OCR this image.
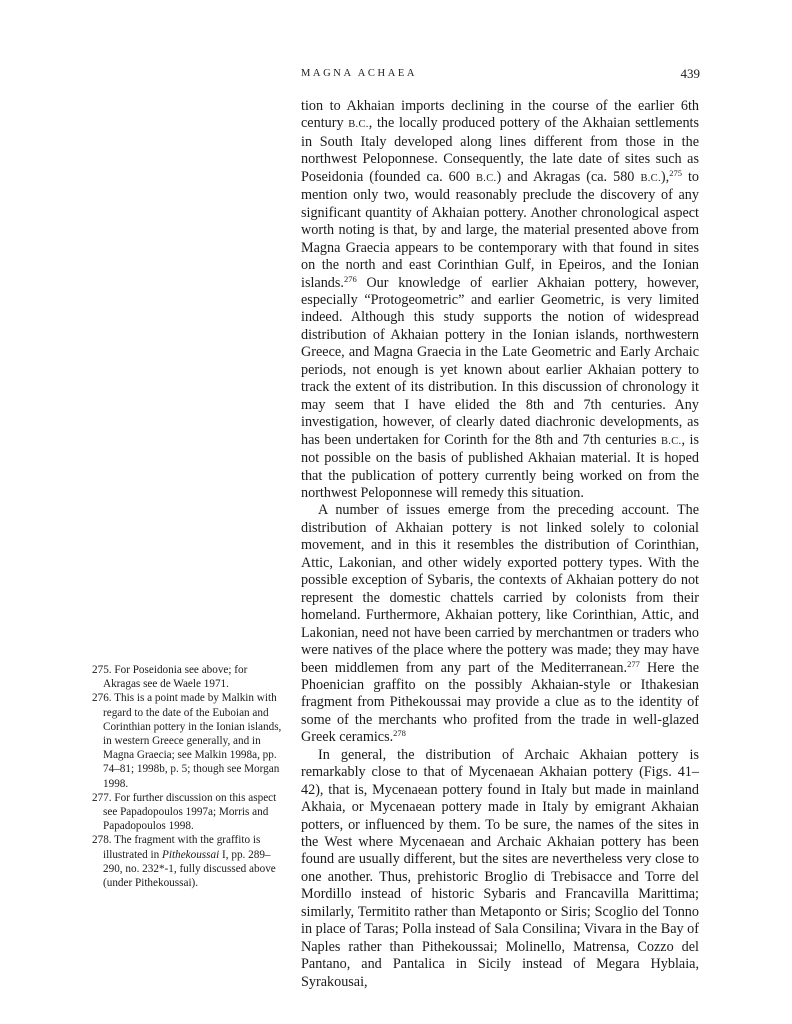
MAGNA ACHAEA	439

tion to Akhaian imports declining in the course of the earlier 6th century B.C., the locally produced pottery of the Akhaian settlements in South Italy developed along lines different from those in the northwest Peloponnese. Consequently, the late date of sites such as Poseidonia (founded ca. 600 B.C.) and Akragas (ca. 580 B.C.),$^{275}$ to mention only two, would reasonably preclude the discovery of any significant quantity of Akhaian pottery. Another chronological aspect worth noting is that, by and large, the material presented above from Magna Graecia appears to be contemporary with that found in sites on the north and east Corinthian Gulf, in Epeiros, and the Ionian islands.$^{276}$ Our knowledge of earlier Akhaian pottery, however, especially “Protogeometric” and earlier Geometric, is very limited indeed. Although this study supports the notion of widespread distribution of Akhaian pottery in the Ionian islands, northwestern Greece, and Magna Graecia in the Late Geometric and Early Archaic periods, not enough is yet known about earlier Akhaian pottery to track the extent of its distribution. In this discussion of chronology it may seem that I have elided the 8th and 7th centuries. Any investigation, however, of clearly dated diachronic developments, as has been undertaken for Corinth for the 8th and 7th centuries B.C., is not possible on the basis of published Akhaian material. It is hoped that the publication of pottery currently being worked on from the northwest Peloponnese will remedy this situation.

A number of issues emerge from the preceding account. The distribution of Akhaian pottery is not linked solely to colonial movement, and in this it resembles the distribution of Corinthian, Attic, Lakonian, and other widely exported pottery types. With the possible exception of Sybaris, the contexts of Akhaian pottery do not represent the domestic chattels carried by colonists from their homeland. Furthermore, Akhaian pottery, like Corinthian, Attic, and Lakonian, need not have been carried by merchantmen or traders who were natives of the place where the pottery was made; they may have been middlemen from any part of the Mediterranean.$^{277}$ Here the Phoenician graffito on the possibly Akhaian-style or Ithakesian fragment from Pithekoussai may provide a clue as to the identity of some of the merchants who profited from the trade in well-glazed Greek ceramics.$^{278}$

In general, the distribution of Archaic Akhaian pottery is remarkably close to that of Mycenaean Akhaian pottery (Figs. 41–42), that is, Mycenaean pottery found in Italy but made in mainland Akhaia, or Mycenaean pottery made in Italy by emigrant Akhaian potters, or influenced by them. To be sure, the names of the sites in the West where Mycenaean and Archaic Akhaian pottery has been found are usually different, but the sites are nevertheless very close to one another. Thus, prehistoric Broglio di Trebisacce and Torre del Mordillo instead of historic Sybaris and Francavilla Marittima; similarly, Termitito rather than Metaponto or Siris; Scoglio del Tonno in place of Taras; Polla instead of Sala Consilina; Vivara in the Bay of Naples rather than Pithekoussai; Molinello, Matrensa, Cozzo del Pantano, and Pantalica in Sicily instead of Megara Hyblaia, Syrakousai,

275. For Poseidonia see above; for Akragas see de Waele 1971.

276. This is a point made by Malkin with regard to the date of the Euboian and Corinthian pottery in the Ionian islands, in western Greece generally, and in Magna Graecia; see Malkin 1998a, pp. 74–81; 1998b, p. 5; though see Morgan 1998.

277. For further discussion on this aspect see Papadopoulos 1997a; Morris and Papadopoulos 1998.

278. The fragment with the graffito is illustrated in Pithekoussai I, pp. 289–290, no. 232*-1, fully discussed above (under Pithekoussai).
